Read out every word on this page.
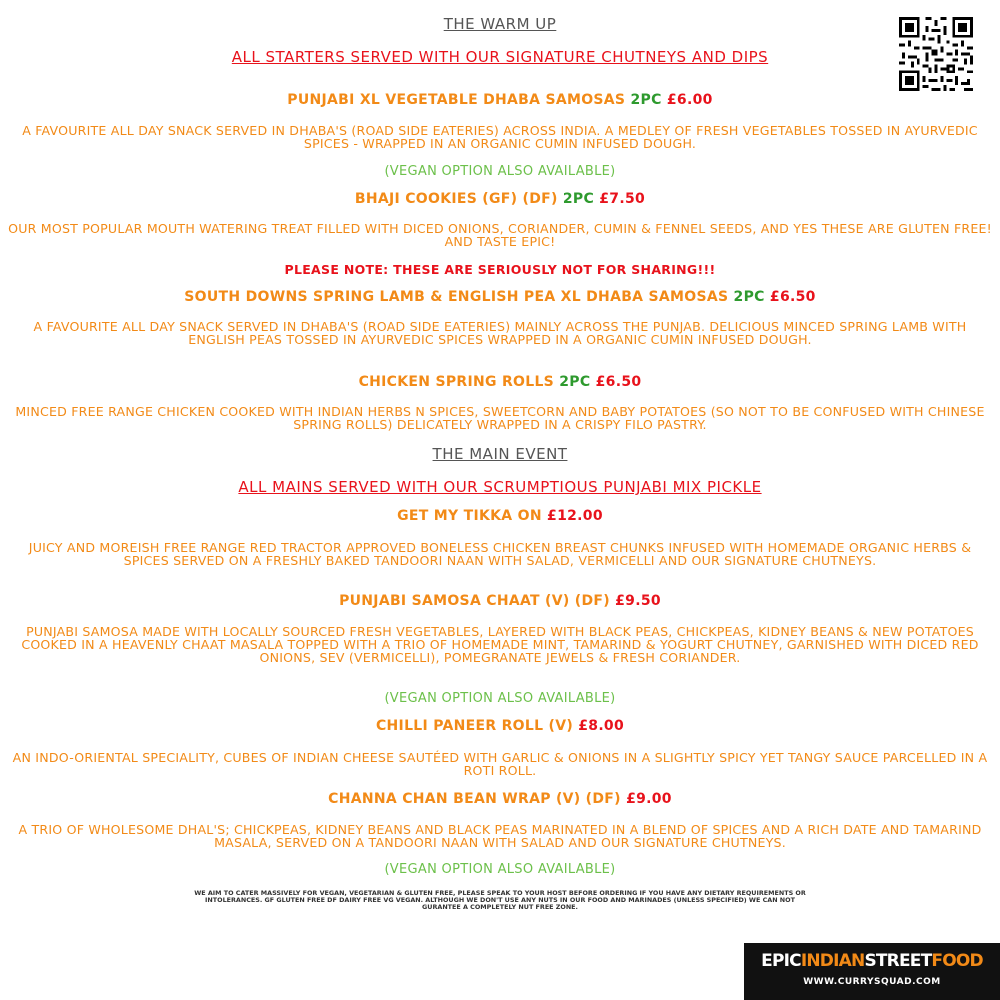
THE WARM UP
ALL STARTERS SERVED WITH OUR SIGNATURE CHUTNEYS AND DIPS
PUNJABI XL VEGETABLE DHABA SAMOSAS 2PC £6.00
A FAVOURITE ALL DAY SNACK SERVED IN DHABA'S (ROAD SIDE EATERIES) ACROSS INDIA. A MEDLEY OF FRESH VEGETABLES TOSSED IN AYURVEDIC SPICES - WRAPPED IN AN ORGANIC CUMIN INFUSED DOUGH.
(VEGAN OPTION ALSO AVAILABLE)
BHAJI COOKIES (GF) (DF) 2PC £7.50
OUR MOST POPULAR MOUTH WATERING TREAT FILLED WITH DICED ONIONS, CORIANDER, CUMIN & FENNEL SEEDS, AND YES THESE ARE GLUTEN FREE! AND TASTE EPIC!
PLEASE NOTE: THESE ARE SERIOUSLY NOT FOR SHARING!!!
SOUTH DOWNS SPRING LAMB & ENGLISH PEA XL DHABA SAMOSAS 2PC £6.50
A FAVOURITE ALL DAY SNACK SERVED IN DHABA'S (ROAD SIDE EATERIES) MAINLY ACROSS THE PUNJAB. DELICIOUS MINCED SPRING LAMB WITH ENGLISH PEAS TOSSED IN AYURVEDIC SPICES WRAPPED IN A ORGANIC CUMIN INFUSED DOUGH.
CHICKEN SPRING ROLLS 2PC £6.50
MINCED FREE RANGE CHICKEN COOKED WITH INDIAN HERBS N SPICES, SWEETCORN AND BABY POTATOES (SO NOT TO BE CONFUSED WITH CHINESE SPRING ROLLS) DELICATELY WRAPPED IN A CRISPY FILO PASTRY.
THE MAIN EVENT
ALL MAINS SERVED WITH OUR SCRUMPTIOUS PUNJABI MIX PICKLE
GET MY TIKKA ON £12.00
JUICY AND MOREISH FREE RANGE RED TRACTOR APPROVED BONELESS CHICKEN BREAST CHUNKS INFUSED WITH HOMEMADE ORGANIC HERBS & SPICES SERVED ON A FRESHLY BAKED TANDOORI NAAN WITH SALAD, VERMICELLI AND OUR SIGNATURE CHUTNEYS.
PUNJABI SAMOSA CHAAT (V) (DF) £9.50
PUNJABI SAMOSA MADE WITH LOCALLY SOURCED FRESH VEGETABLES, LAYERED WITH BLACK PEAS, CHICKPEAS, KIDNEY BEANS & NEW POTATOES COOKED IN A HEAVENLY CHAAT MASALA TOPPED WITH A TRIO OF HOMEMADE MINT, TAMARIND & YOGURT CHUTNEY, GARNISHED WITH DICED RED ONIONS, SEV (VERMICELLI), POMEGRANATE JEWELS & FRESH CORIANDER.
(VEGAN OPTION ALSO AVAILABLE)
CHILLI PANEER ROLL (V) £8.00
AN INDO-ORIENTAL SPECIALITY, CUBES OF INDIAN CHEESE SAUTÉED WITH GARLIC & ONIONS IN A SLIGHTLY SPICY YET TANGY SAUCE PARCELLED IN A ROTI ROLL.
CHANNA CHAN BEAN WRAP (V) (DF) £9.00
A TRIO OF WHOLESOME DHAL'S; CHICKPEAS, KIDNEY BEANS AND BLACK PEAS MARINATED IN A BLEND OF SPICES AND A RICH DATE AND TAMARIND MASALA, SERVED ON A TANDOORI NAAN WITH SALAD AND OUR SIGNATURE CHUTNEYS.
(VEGAN OPTION ALSO AVAILABLE)
WE AIM TO CATER MASSIVELY FOR VEGAN, VEGETARIAN & GLUTEN FREE, PLEASE SPEAK TO YOUR HOST BEFORE ORDERING IF YOU HAVE ANY DIETARY REQUIREMENTS OR INTOLERANCES. GF GLUTEN FREE DF DAIRY FREE VG VEGAN. ALTHOUGH WE DON'T USE ANY NUTS IN OUR FOOD AND MARINADES (UNLESS SPECIFIED) WE CAN NOT GURANTEE A COMPLETELY NUT FREE ZONE.
EPICINDIANSTREETFOOD
WWW.CURRYSQUAD.COM
